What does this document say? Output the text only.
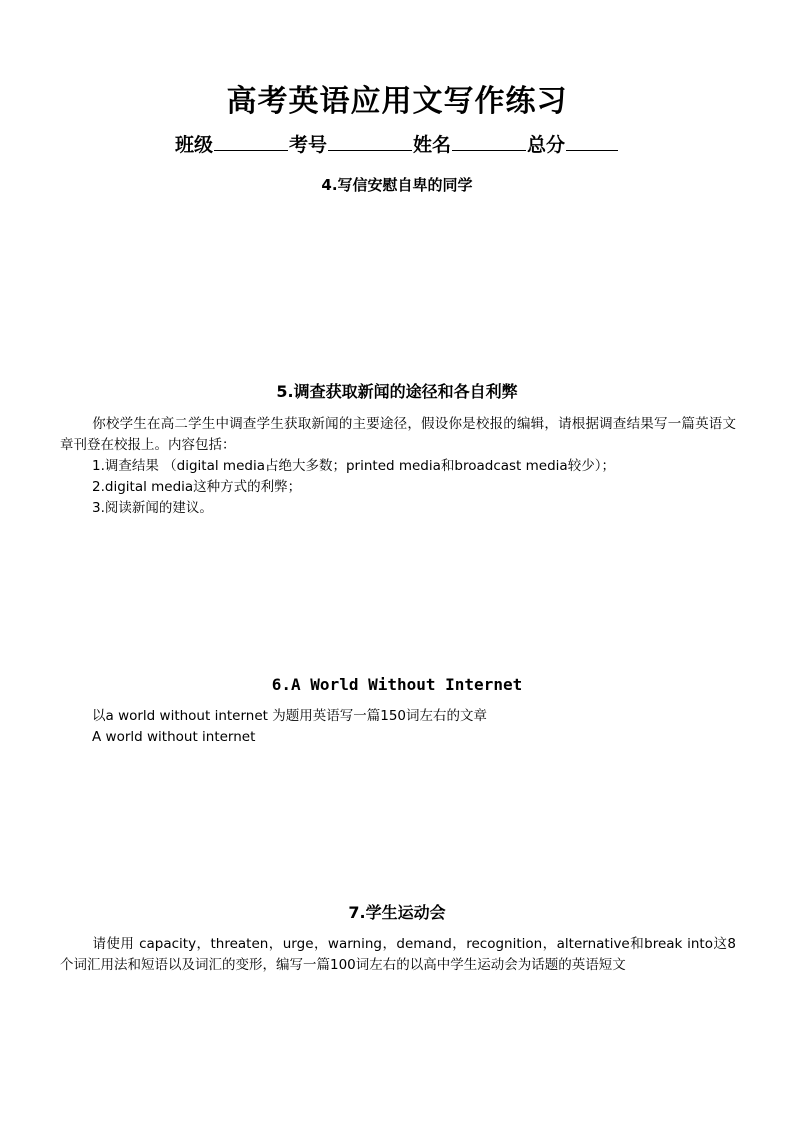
高考英语应用文写作练习
班级	考号	姓名	总分
4.写信安慰自卑的同学
5.调查获取新闻的途径和各自利弊
你校学生在高二学生中调查学生获取新闻的主要途径，假设你是校报的编辑，请根据调查结果写一篇英语文章刊登在校报上。内容包括：
1.调查结果 （digital media占绝大多数；printed media和broadcast media较少）；
2.digital media这种方式的利弊；
3.阅读新闻的建议。
6.A World Without Internet
以a world without internet 为题用英语写一篇150词左右的文章
A world without internet
7.学生运动会
请使用 capacity，threaten，urge，warning，demand，recognition，alternative和break into这8个词汇用法和短语以及词汇的变形，编写一篇100词左右的以高中学生运动会为话题的英语短文
